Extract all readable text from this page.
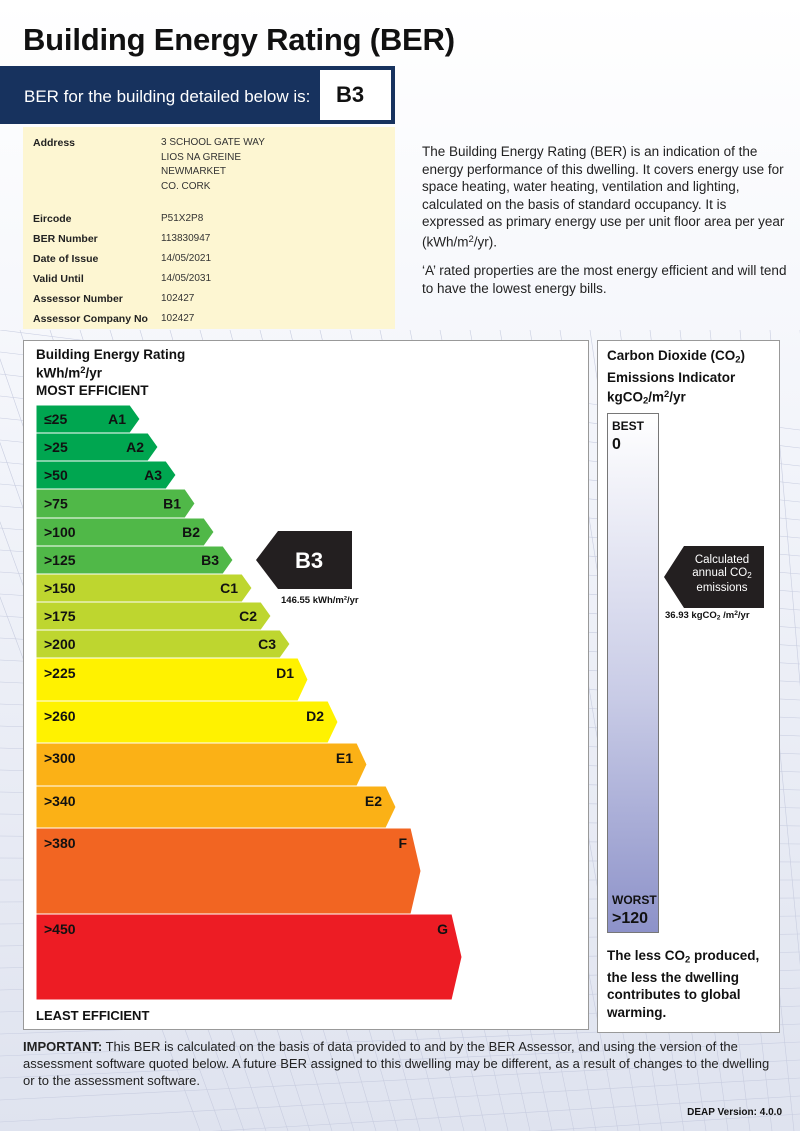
Building Energy Rating (BER)
BER for the building detailed below is:	B3
Address	3 SCHOOL GATE WAY
LIOS NA GREINE
NEWMARKET
CO. CORK
Eircode	P51X2P8
BER Number	113830947
Date of Issue	14/05/2021
Valid Until	14/05/2031
Assessor Number	102427
Assessor Company No	102427
The Building Energy Rating (BER) is an indication of the energy performance of this dwelling. It covers energy use for space heating, water heating, ventilation and lighting, calculated on the basis of standard occupancy. It is expressed as primary energy use per unit floor area per year $(kWh/m^2/yr)$.
‘A’ rated properties are the most energy efficient and will tend to have the lowest energy bills.
Building Energy Rating
kWh/$m^2/yr$
MOST EFFICIENT
≤25	A1
>25	A2
>50	A3
>75	B1
>100	B2
>125	B3
>150	C1
>175	C2
>200	C3
>225	D1
>260	D2
>300	E1
>340	E2
>380	F
>450	G
B3
146.55 kWh/m²/yr
LEAST EFFICIENT
Carbon Dioxide $(CO_2)$
Emissions Indicator
$kgCO_2/m^2/yr$
BEST
0
WORST
>120
Calculated
annual $CO_2$
emissions
36.93 kgCO$_2$ $/m^2/yr$
The less $CO_2$ produced, the less the dwelling contributes to global warming.
IMPORTANT: This BER is calculated on the basis of data provided to and by the BER Assessor, and using the version of the assessment software quoted below. A future BER assigned to this dwelling may be different, as a result of changes to the dwelling or to the assessment software.
DEAP Version: 4.0.0
